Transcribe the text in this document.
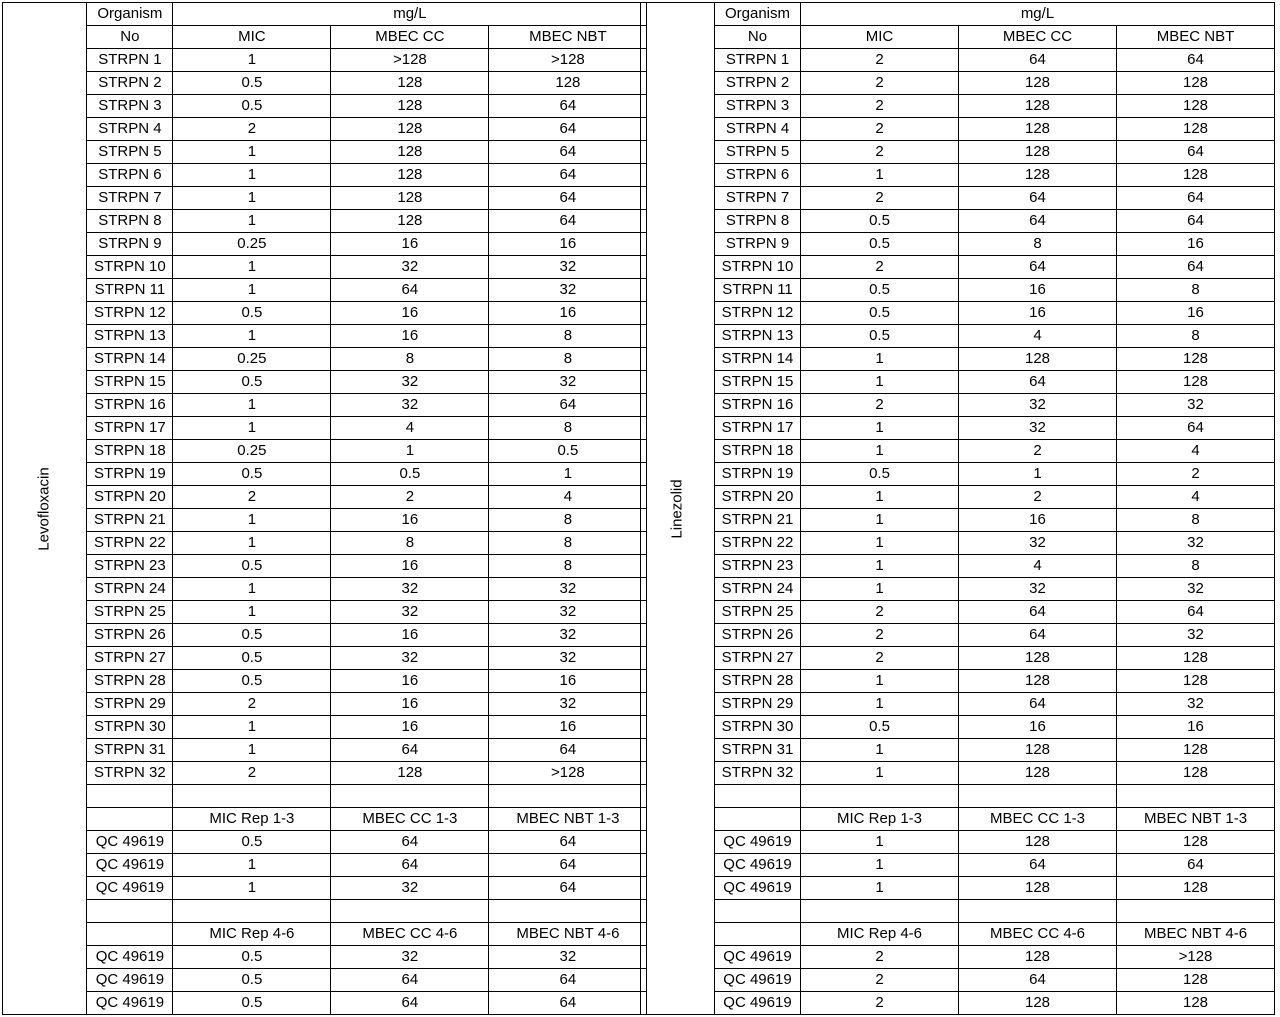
Levofloxacin	Organism	mg/L		
	No	MIC	MBEC CC	MBEC NBT
	STRPN 1	1	>128	>128
	STRPN 2	0.5	128	128
	STRPN 3	0.5	128	64
	STRPN 4	2	128	64
	STRPN 5	1	128	64
	STRPN 6	1	128	64
	STRPN 7	1	128	64
	STRPN 8	1	128	64
	STRPN 9	0.25	16	16
	STRPN 10	1	32	32
	STRPN 11	1	64	32
	STRPN 12	0.5	16	16
	STRPN 13	1	16	8
	STRPN 14	0.25	8	8
	STRPN 15	0.5	32	32
	STRPN 16	1	32	64
	STRPN 17	1	4	8
	STRPN 18	0.25	1	0.5
	STRPN 19	0.5	0.5	1
	STRPN 20	2	2	4
	STRPN 21	1	16	8
	STRPN 22	1	8	8
	STRPN 23	0.5	16	8
	STRPN 24	1	32	32
	STRPN 25	1	32	32
	STRPN 26	0.5	16	32
	STRPN 27	0.5	32	32
	STRPN 28	0.5	16	16
	STRPN 29	2	16	32
	STRPN 30	1	16	16
	STRPN 31	1	64	64
	STRPN 32	2	128	>128

		MIC Rep 1-3	MBEC CC 1-3	MBEC NBT 1-3
	QC 49619	0.5	64	64
	QC 49619	1	64	64
	QC 49619	1	32	64

		MIC Rep 4-6	MBEC CC 4-6	MBEC NBT 4-6
	QC 49619	0.5	32	32
	QC 49619	0.5	64	64
	QC 49619	0.5	64	64
Linezolid	Organism	mg/L		
	No	MIC	MBEC CC	MBEC NBT
	STRPN 1	2	64	64
	STRPN 2	2	128	128
	STRPN 3	2	128	128
	STRPN 4	2	128	128
	STRPN 5	2	128	64
	STRPN 6	1	128	128
	STRPN 7	2	64	64
	STRPN 8	0.5	64	64
	STRPN 9	0.5	8	16
	STRPN 10	2	64	64
	STRPN 11	0.5	16	8
	STRPN 12	0.5	16	16
	STRPN 13	0.5	4	8
	STRPN 14	1	128	128
	STRPN 15	1	64	128
	STRPN 16	2	32	32
	STRPN 17	1	32	64
	STRPN 18	1	2	4
	STRPN 19	0.5	1	2
	STRPN 20	1	2	4
	STRPN 21	1	16	8
	STRPN 22	1	32	32
	STRPN 23	1	4	8
	STRPN 24	1	32	32
	STRPN 25	2	64	64
	STRPN 26	2	64	32
	STRPN 27	2	128	128
	STRPN 28	1	128	128
	STRPN 29	1	64	32
	STRPN 30	0.5	16	16
	STRPN 31	1	128	128
	STRPN 32	1	128	128

		MIC Rep 1-3	MBEC CC 1-3	MBEC NBT 1-3
	QC 49619	1	128	128
	QC 49619	1	64	64
	QC 49619	1	128	128

		MIC Rep 4-6	MBEC CC 4-6	MBEC NBT 4-6
	QC 49619	2	128	>128
	QC 49619	2	64	128
	QC 49619	2	128	128
